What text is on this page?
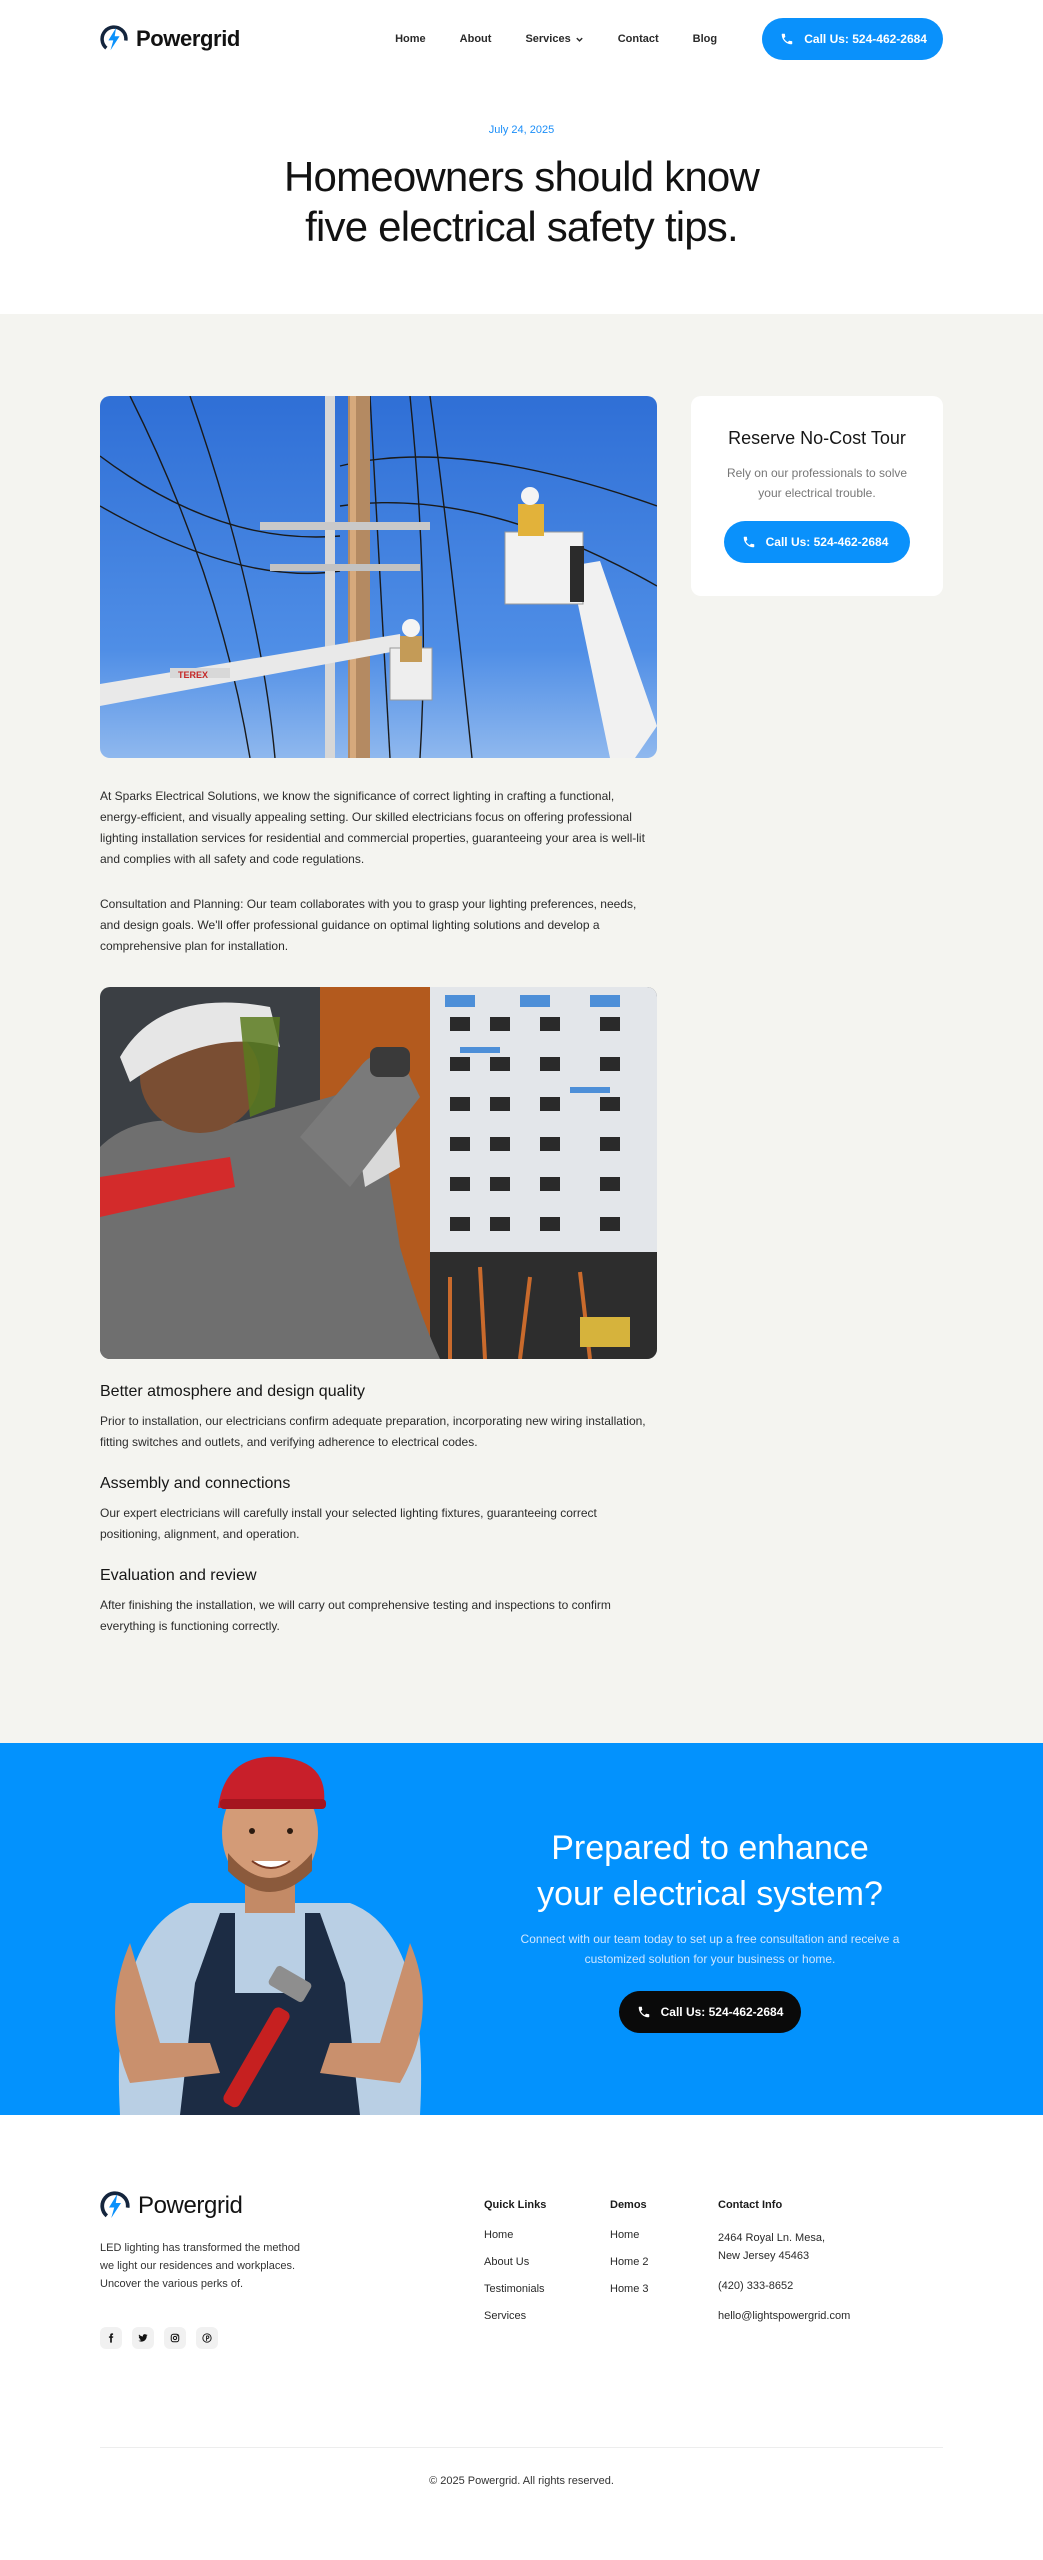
Powergrid	Home	About	Services	Contact	Blog	Call Us: 524-462-2684
July 24, 2025
Homeowners should know
five electrical safety tips.
TEREX

At Sparks Electrical Solutions, we know the significance of correct lighting in crafting a functional, energy-efficient, and visually appealing setting. Our skilled electricians focus on offering professional lighting installation services for residential and commercial properties, guaranteeing your area is well-lit and complies with all safety and code regulations.

Consultation and Planning: Our team collaborates with you to grasp your lighting preferences, needs, and design goals. We'll offer professional guidance on optimal lighting solutions and develop a comprehensive plan for installation.

Better atmosphere and design quality

Prior to installation, our electricians confirm adequate preparation, incorporating new wiring installation, fitting switches and outlets, and verifying adherence to electrical codes.

Assembly and connections

Our expert electricians will carefully install your selected lighting fixtures, guaranteeing correct positioning, alignment, and operation.

Evaluation and review

After finishing the installation, we will carry out comprehensive testing and inspections to confirm everything is functioning correctly.

Reserve No-Cost Tour
Rely on our professionals to solve your electrical trouble.
Call Us: 524-462-2684
Prepared to enhance
your electrical system?

Connect with our team today to set up a free consultation and receive a customized solution for your business or home.

Call Us: 524-462-2684
Powergrid

LED lighting has transformed the method we light our residences and workplaces. Uncover the various perks of.

Quick Links
Home
About Us
Testimonials
Services
Demos
Home
Home 2
Home 3
Contact Info
2464 Royal Ln. Mesa,
New Jersey 45463
(420) 333-8652
hello@lightspowergrid.com
© 2025 Powergrid. All rights reserved.
